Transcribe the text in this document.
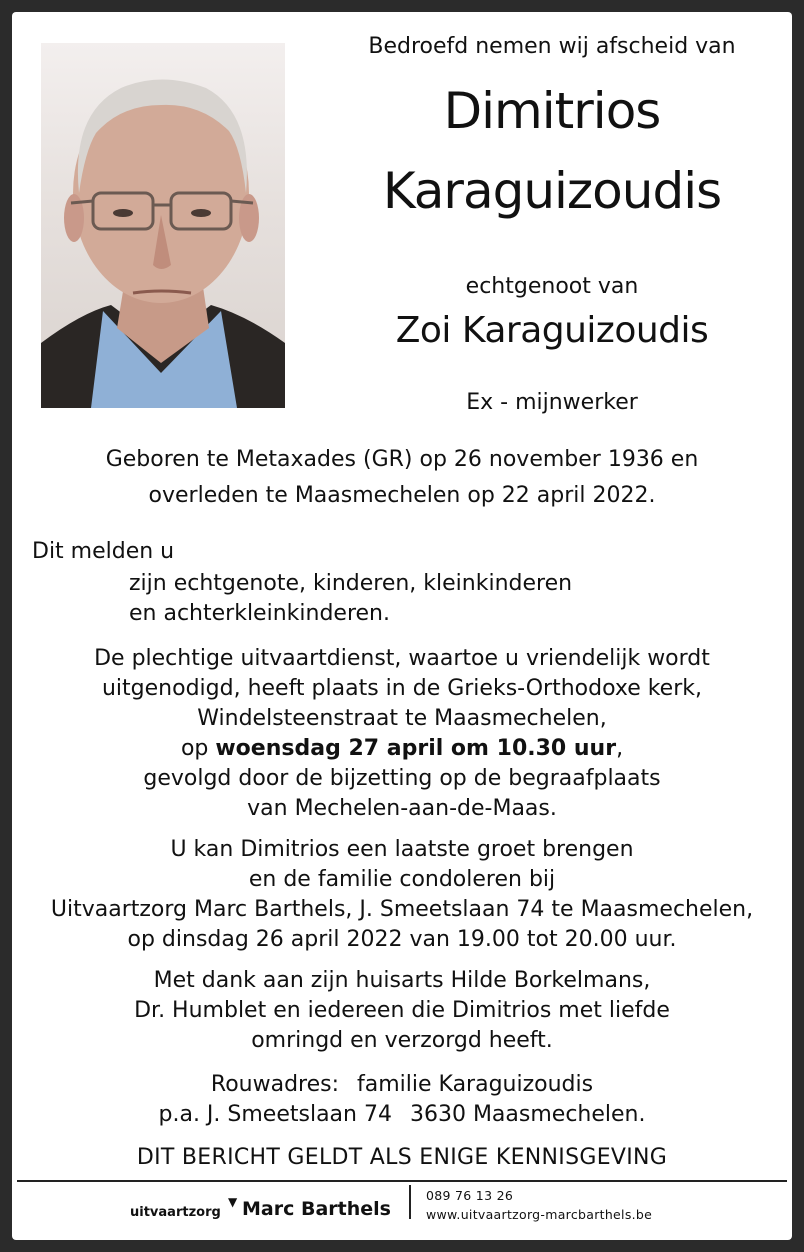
Bedroefd nemen wij afscheid van
Dimitrios
Karaguizoudis
echtgenoot van
Zoi Karaguizoudis
Ex - mijnwerker
Geboren te Metaxades (GR) op 26 november 1936 en
overleden te Maasmechelen op 22 april 2022.
Dit melden u
zijn echtgenote, kinderen, kleinkinderen
en achterkleinkinderen.
De plechtige uitvaartdienst, waartoe u vriendelijk wordt
uitgenodigd, heeft plaats in de Grieks-Orthodoxe kerk,
Windelsteenstraat te Maasmechelen,
op woensdag 27 april om 10.30 uur,
gevolgd door de bijzetting op de begraafplaats
van Mechelen-aan-de-Maas.
U kan Dimitrios een laatste groet brengen
en de familie condoleren bij
Uitvaartzorg Marc Barthels, J. Smeetslaan 74 te Maasmechelen,
op dinsdag 26 april 2022 van 19.00 tot 20.00 uur.
Met dank aan zijn huisarts Hilde Borkelmans,
Dr. Humblet en iedereen die Dimitrios met liefde
omringd en verzorgd heeft.
Rouwadres: familie Karaguizoudis
p.a. J. Smeetslaan 74 3630 Maasmechelen.
DIT BERICHT GELDT ALS ENIGE KENNISGEVING
uitvaartzorg
▼ Marc Barthels
089 76 13 26
www.uitvaartzorg-marcbarthels.be
